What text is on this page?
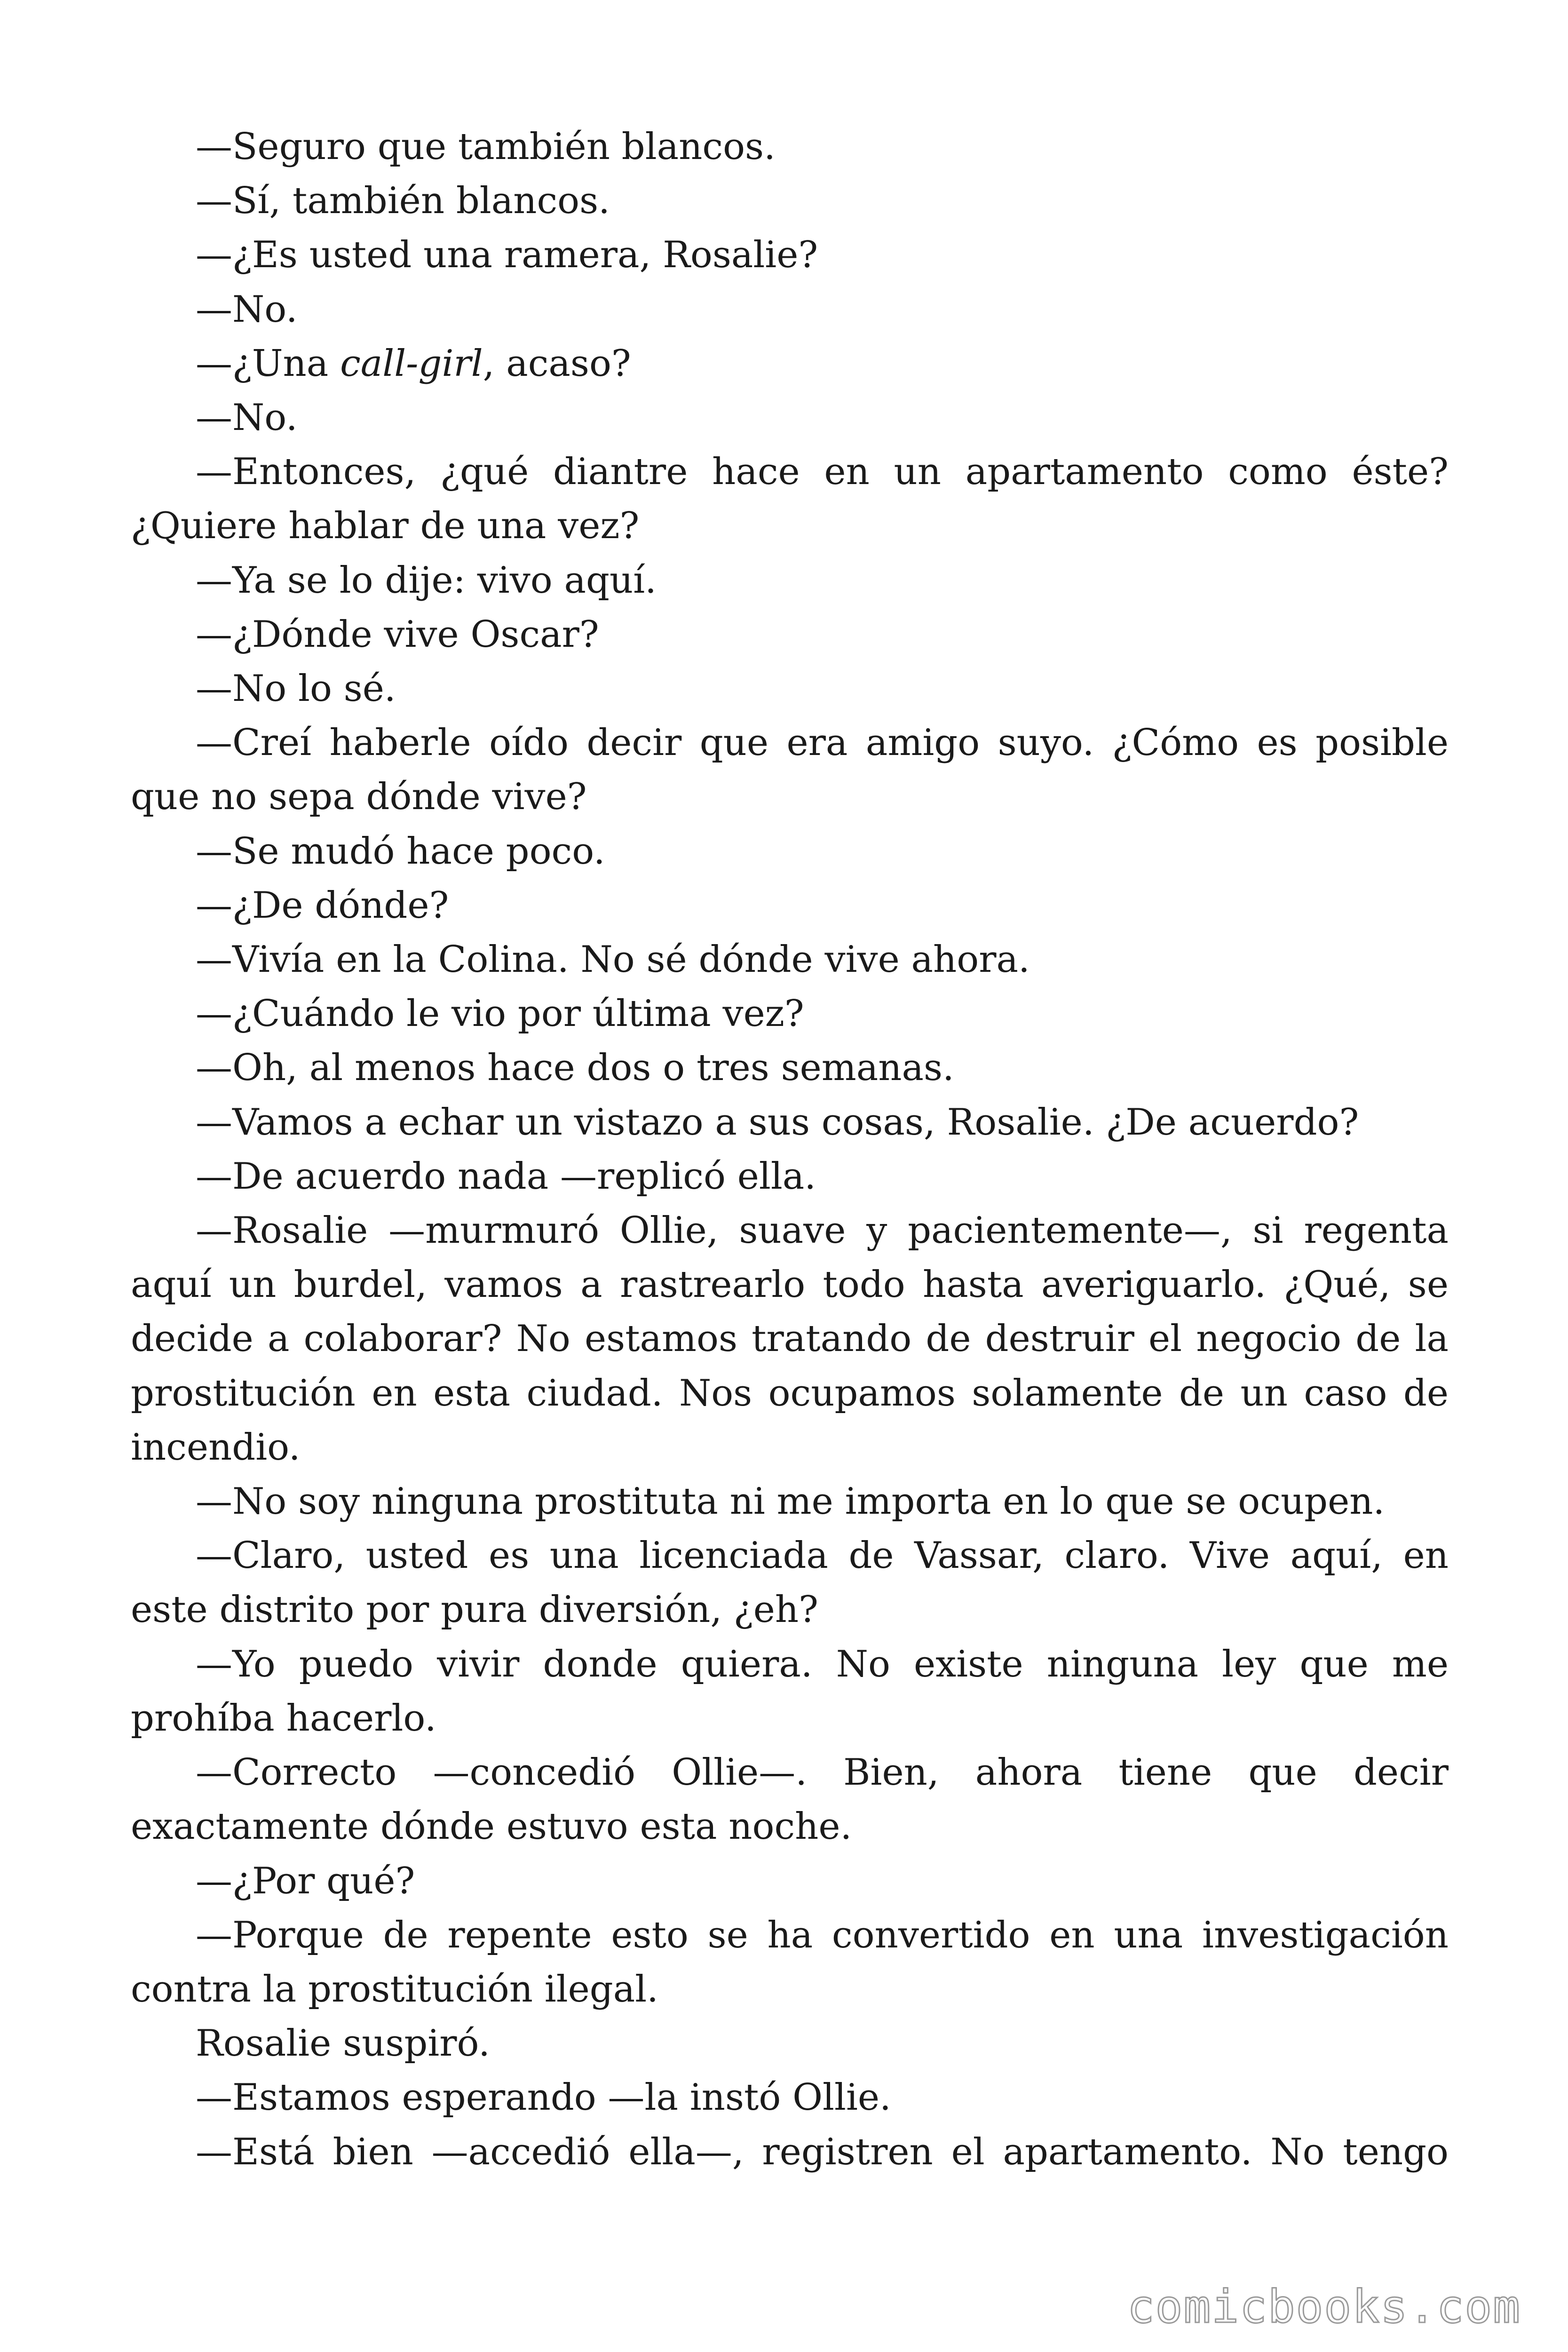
—Seguro que también blancos.

—Sí, también blancos.

—¿Es usted una ramera, Rosalie?

—No.

—¿Una call-girl, acaso?

—No.

—Entonces, ¿qué diantre hace en un apartamento como éste? ¿Quiere hablar de una vez?

—Ya se lo dije: vivo aquí.

—¿Dónde vive Oscar?

—No lo sé.

—Creí haberle oído decir que era amigo suyo. ¿Cómo es posible que no sepa dónde vive?

—Se mudó hace poco.

—¿De dónde?

—Vivía en la Colina. No sé dónde vive ahora.

—¿Cuándo le vio por última vez?

—Oh, al menos hace dos o tres semanas.

—Vamos a echar un vistazo a sus cosas, Rosalie. ¿De acuerdo?

—De acuerdo nada —replicó ella.

—Rosalie —murmuró Ollie, suave y pacientemente—, si regenta aquí un burdel, vamos a rastrearlo todo hasta averiguarlo. ¿Qué, se decide a colaborar? No estamos tratando de destruir el negocio de la prostitución en esta ciudad. Nos ocupamos solamente de un caso de incendio.

—No soy ninguna prostituta ni me importa en lo que se ocupen.

—Claro, usted es una licenciada de Vassar, claro. Vive aquí, en este distrito por pura diversión, ¿eh?

—Yo puedo vivir donde quiera. No existe ninguna ley que me prohíba hacerlo.

—Correcto —concedió Ollie—. Bien, ahora tiene que decir exactamente dónde estuvo esta noche.

—¿Por qué?

—Porque de repente esto se ha convertido en una investigación contra la prostitución ilegal.

Rosalie suspiró.

—Estamos esperando —la instó Ollie.

—Está bien —accedió ella—, registren el apartamento. No tengo

comicbooks.com
